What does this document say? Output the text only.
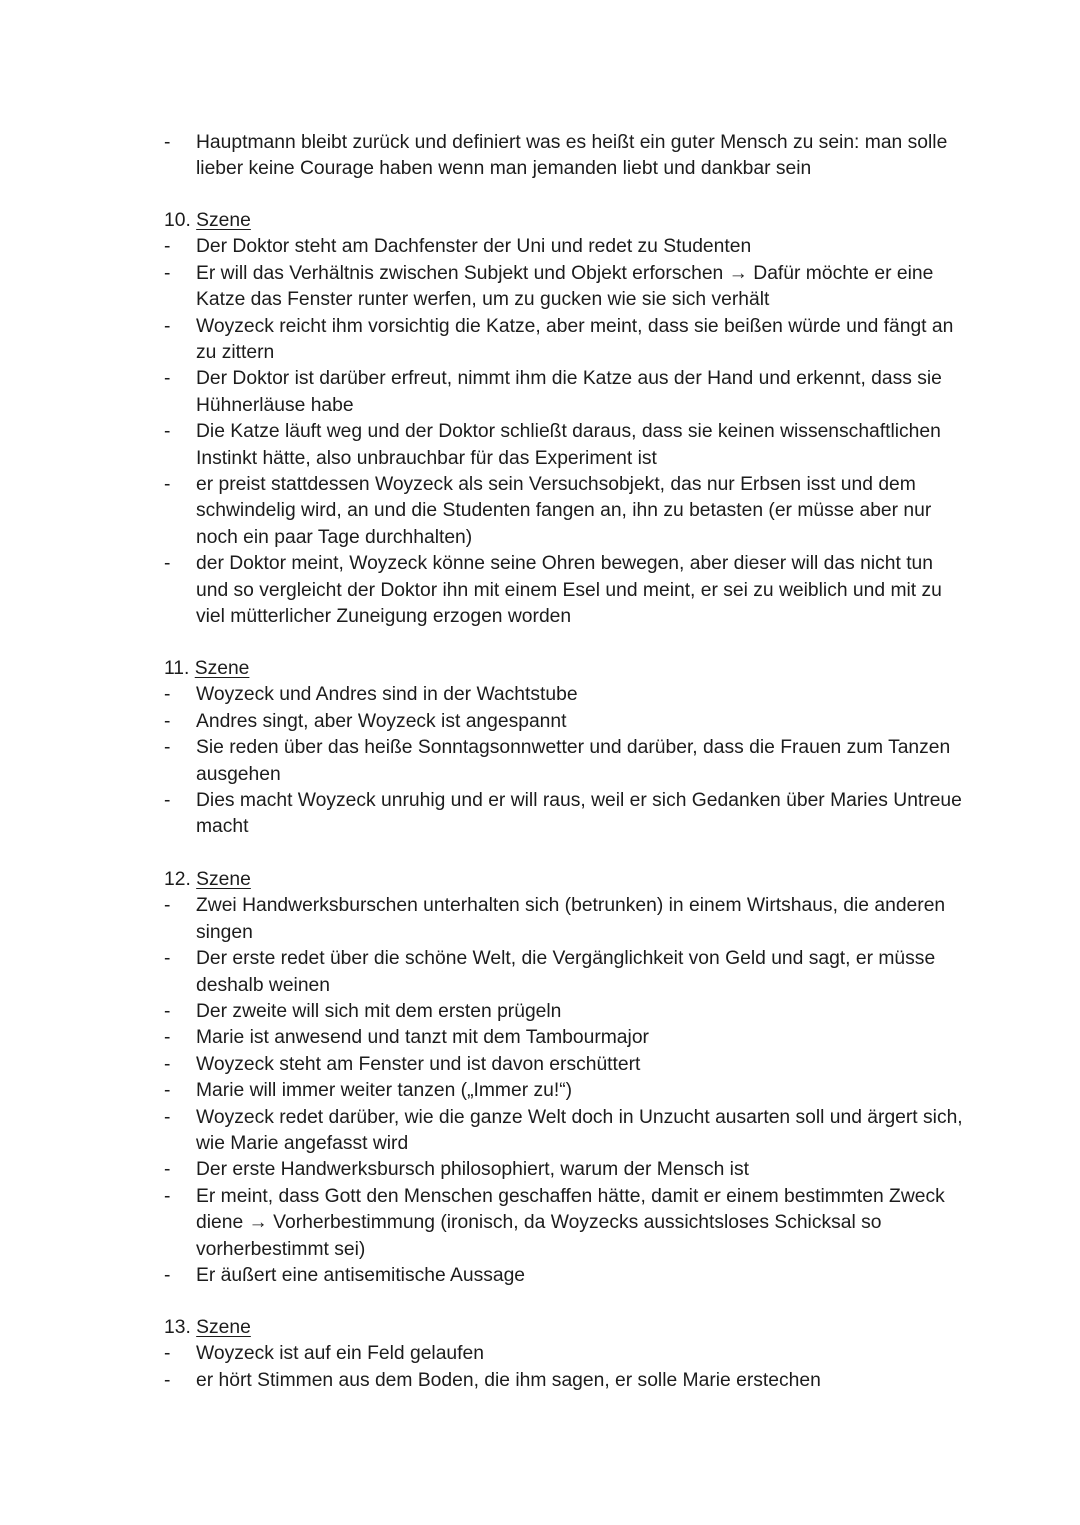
- Hauptmann bleibt zurück und definiert was es heißt ein guter Mensch zu sein: man solle lieber keine Courage haben wenn man jemanden liebt und dankbar sein
10. Szene
- Der Doktor steht am Dachfenster der Uni und redet zu Studenten
- Er will das Verhältnis zwischen Subjekt und Objekt erforschen → Dafür möchte er eine Katze das Fenster runter werfen, um zu gucken wie sie sich verhält
- Woyzeck reicht ihm vorsichtig die Katze, aber meint, dass sie beißen würde und fängt an zu zittern
- Der Doktor ist darüber erfreut, nimmt ihm die Katze aus der Hand und erkennt, dass sie Hühnerläuse habe
- Die Katze läuft weg und der Doktor schließt daraus, dass sie keinen wissenschaftlichen Instinkt hätte, also unbrauchbar für das Experiment ist
- er preist stattdessen Woyzeck als sein Versuchsobjekt, das nur Erbsen isst und dem schwindelig wird, an und die Studenten fangen an, ihn zu betasten (er müsse aber nur noch ein paar Tage durchhalten)
- der Doktor meint, Woyzeck könne seine Ohren bewegen, aber dieser will das nicht tun und so vergleicht der Doktor ihn mit einem Esel und meint, er sei zu weiblich und mit zu viel mütterlicher Zuneigung erzogen worden
11. Szene
- Woyzeck und Andres sind in der Wachtstube
- Andres singt, aber Woyzeck ist angespannt
- Sie reden über das heiße Sonntagsonnwetter und darüber, dass die Frauen zum Tanzen ausgehen
- Dies macht Woyzeck unruhig und er will raus, weil er sich Gedanken über Maries Untreue macht
12. Szene
- Zwei Handwerksburschen unterhalten sich (betrunken) in einem Wirtshaus, die anderen singen
- Der erste redet über die schöne Welt, die Vergänglichkeit von Geld und sagt, er müsse deshalb weinen
- Der zweite will sich mit dem ersten prügeln
- Marie ist anwesend und tanzt mit dem Tambourmajor
- Woyzeck steht am Fenster und ist davon erschüttert
- Marie will immer weiter tanzen („Immer zu!“)
- Woyzeck redet darüber, wie die ganze Welt doch in Unzucht ausarten soll und ärgert sich, wie Marie angefasst wird
- Der erste Handwerksbursch philosophiert, warum der Mensch ist
- Er meint, dass Gott den Menschen geschaffen hätte, damit er einem bestimmten Zweck diene → Vorherbestimmung (ironisch, da Woyzecks aussichtsloses Schicksal so vorherbestimmt sei)
- Er äußert eine antisemitische Aussage
13. Szene
- Woyzeck ist auf ein Feld gelaufen
- er hört Stimmen aus dem Boden, die ihm sagen, er solle Marie erstechen
